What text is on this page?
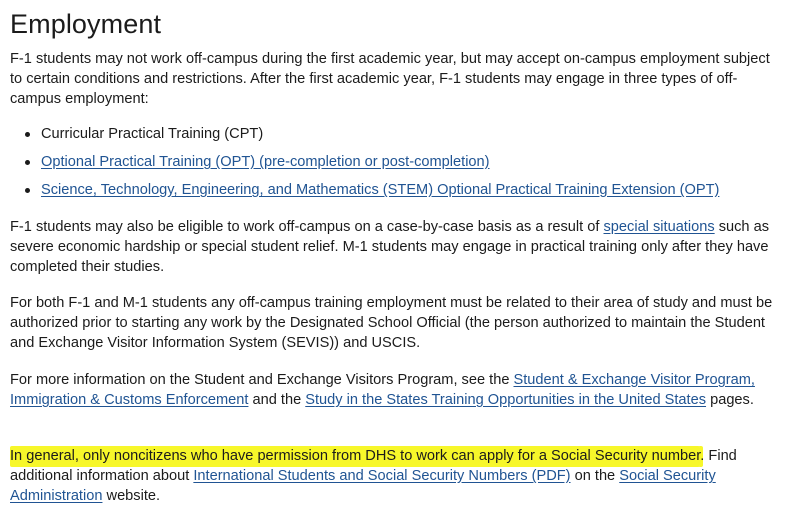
Employment

F-1 students may not work off-campus during the first academic year, but may accept on-campus employment subject to certain conditions and restrictions. After the first academic year, F-1 students may engage in three types of off-campus employment:

Curricular Practical Training (CPT)
Optional Practical Training (OPT) (pre-completion or post-completion)
Science, Technology, Engineering, and Mathematics (STEM) Optional Practical Training Extension (OPT)

F-1 students may also be eligible to work off-campus on a case-by-case basis as a result of special situations such as severe economic hardship or special student relief. M-1 students may engage in practical training only after they have completed their studies.

For both F-1 and M-1 students any off-campus training employment must be related to their area of study and must be authorized prior to starting any work by the Designated School Official (the person authorized to maintain the Student and Exchange Visitor Information System (SEVIS)) and USCIS.

For more information on the Student and Exchange Visitors Program, see the Student & Exchange Visitor Program, Immigration & Customs Enforcement and the Study in the States Training Opportunities in the United States pages.

In general, only noncitizens who have permission from DHS to work can apply for a Social Security number. Find additional information about International Students and Social Security Numbers (PDF) on the Social Security Administration website.
